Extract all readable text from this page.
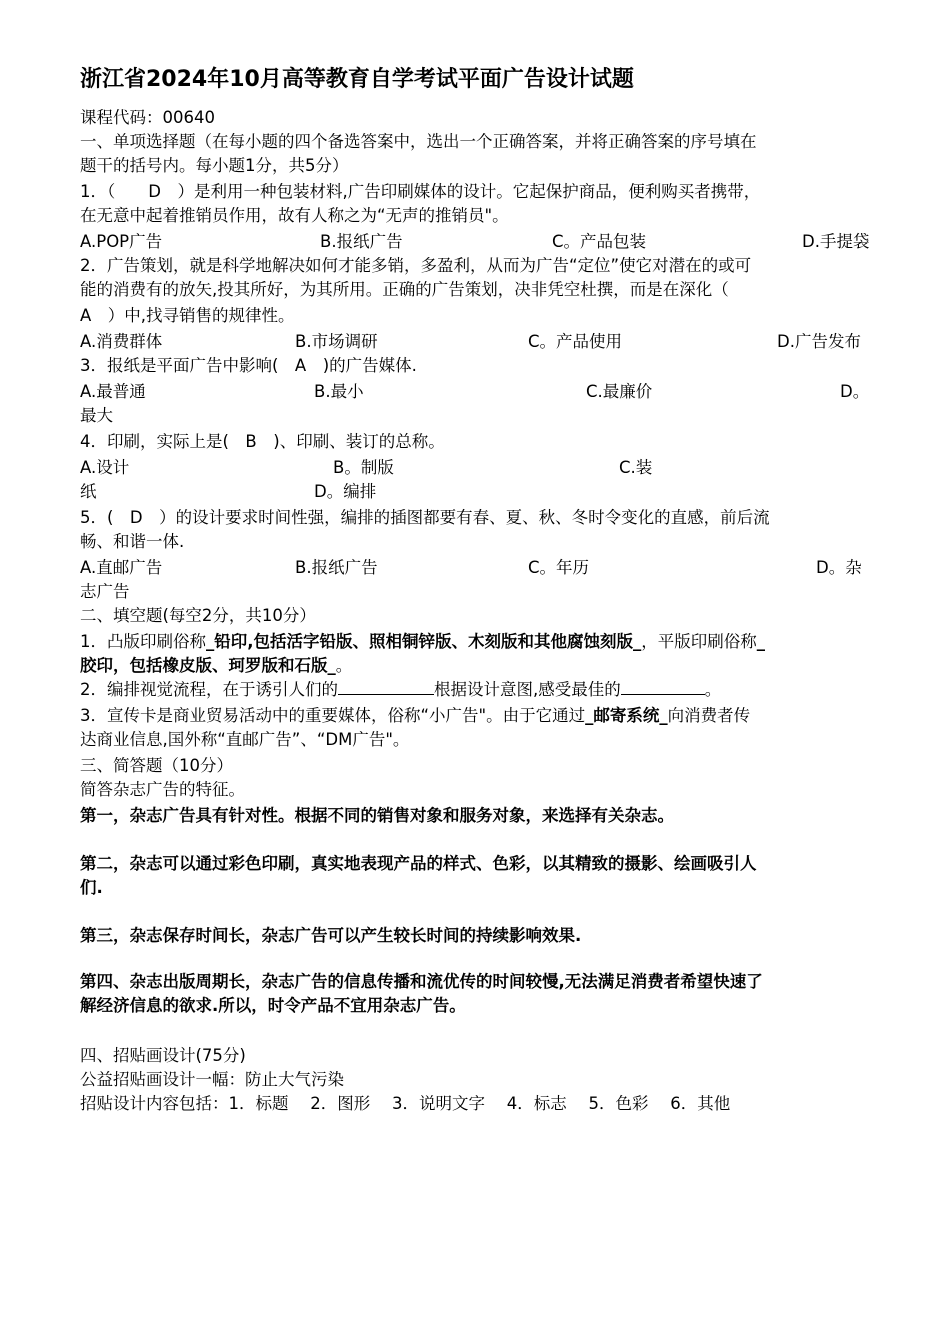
浙江省2024年10月高等教育自学考试平面广告设计试题
课程代码：00640
一、单项选择题（在每小题的四个备选答案中，选出一个正确答案，并将正确答案的序号填在
题干的括号内。每小题1分，共5分）
1．（　　D　）是利用一种包装材料,广告印刷媒体的设计。它起保护商品，便利购买者携带，
在无意中起着推销员作用，故有人称之为“无声的推销员"。
A.POP广告	B.报纸广告	C。产品包装	D.手提袋
2．广告策划，就是科学地解决如何才能多销，多盈利，从而为广告“定位”使它对潜在的或可
能的消费有的放矢,投其所好，为其所用。正确的广告策划，决非凭空杜撰，而是在深化（
A　）中,找寻销售的规律性。
A.消费群体	B.市场调研	C。产品使用	D.广告发布
3．报纸是平面广告中影响(　A　)的广告媒体.
A.最普通	B.最小	C.最廉价	D。
最大
4．印刷，实际上是(　B　)、印刷、装订的总称。
A.设计	B。制版	C.装
纸	D。编排
5．(　D　）的设计要求时间性强，编排的插图都要有春、夏、秋、冬时令变化的直感，前后流
畅、和谐一体.
A.直邮广告	B.报纸广告	C。年历	D。杂
志广告
二、填空题(每空2分，共10分）
1．凸版印刷俗称_铅印,包括活字铅版、照相铜锌版、木刻版和其他腐蚀刻版_，平版印刷俗称_
胶印，包括橡皮版、珂罗版和石版_。
2．编排视觉流程，在于诱引人们的	根据设计意图,感受最佳的	。
3．宣传卡是商业贸易活动中的重要媒体，俗称“小广告"。由于它通过_邮寄系统_向消费者传
达商业信息,国外称“直邮广告”、“DM广告"。
三、简答题（10分）
简答杂志广告的特征。
第一，杂志广告具有针对性。根据不同的销售对象和服务对象，来选择有关杂志。
第二，杂志可以通过彩色印刷，真实地表现产品的样式、色彩，以其精致的摄影、绘画吸引人
们.
第三，杂志保存时间长，杂志广告可以产生较长时间的持续影响效果.
第四、杂志出版周期长，杂志广告的信息传播和流优传的时间较慢,无法满足消费者希望快速了
解经济信息的欲求.所以，时令产品不宜用杂志广告。
四、招贴画设计(75分)
公益招贴画设计一幅：防止大气污染
招贴设计内容包括：1．标题　 2．图形　 3．说明文字　 4．标志　 5．色彩　 6．其他
